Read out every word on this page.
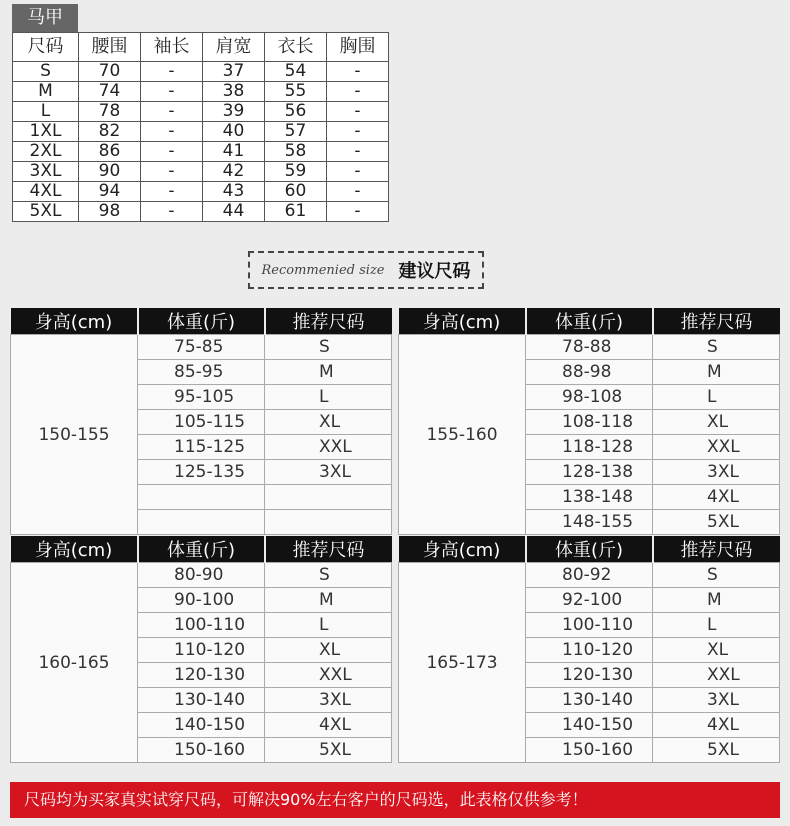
马甲
尺码	腰围	袖长	肩宽	衣长	胸围
S	70	-	37	54	-
M	74	-	38	55	-
L	78	-	39	56	-
1XL	82	-	40	57	-
2XL	86	-	41	58	-
3XL	90	-	42	59	-
4XL	94	-	43	60	-
5XL	98	-	44	61	-
Recommenied size 建议尺码
身高(cm)	体重(斤)	推荐尺码
150-155	75-85	S
	85-95	M
	95-105	L
	105-115	XL
	115-125	XXL
	125-135	3XL

身高(cm)	体重(斤)	推荐尺码
155-160	78-88	S
	88-98	M
	98-108	L
	108-118	XL
	118-128	XXL
	128-138	3XL
	138-148	4XL
	148-155	5XL
身高(cm)	体重(斤)	推荐尺码
160-165	80-90	S
	90-100	M
	100-110	L
	110-120	XL
	120-130	XXL
	130-140	3XL
	140-150	4XL
	150-160	5XL
身高(cm)	体重(斤)	推荐尺码
165-173	80-92	S
	92-100	M
	100-110	L
	110-120	XL
	120-130	XXL
	130-140	3XL
	140-150	4XL
	150-160	5XL
尺码均为买家真实试穿尺码，可解决90%左右客户的尺码选，此表格仅供参考！
